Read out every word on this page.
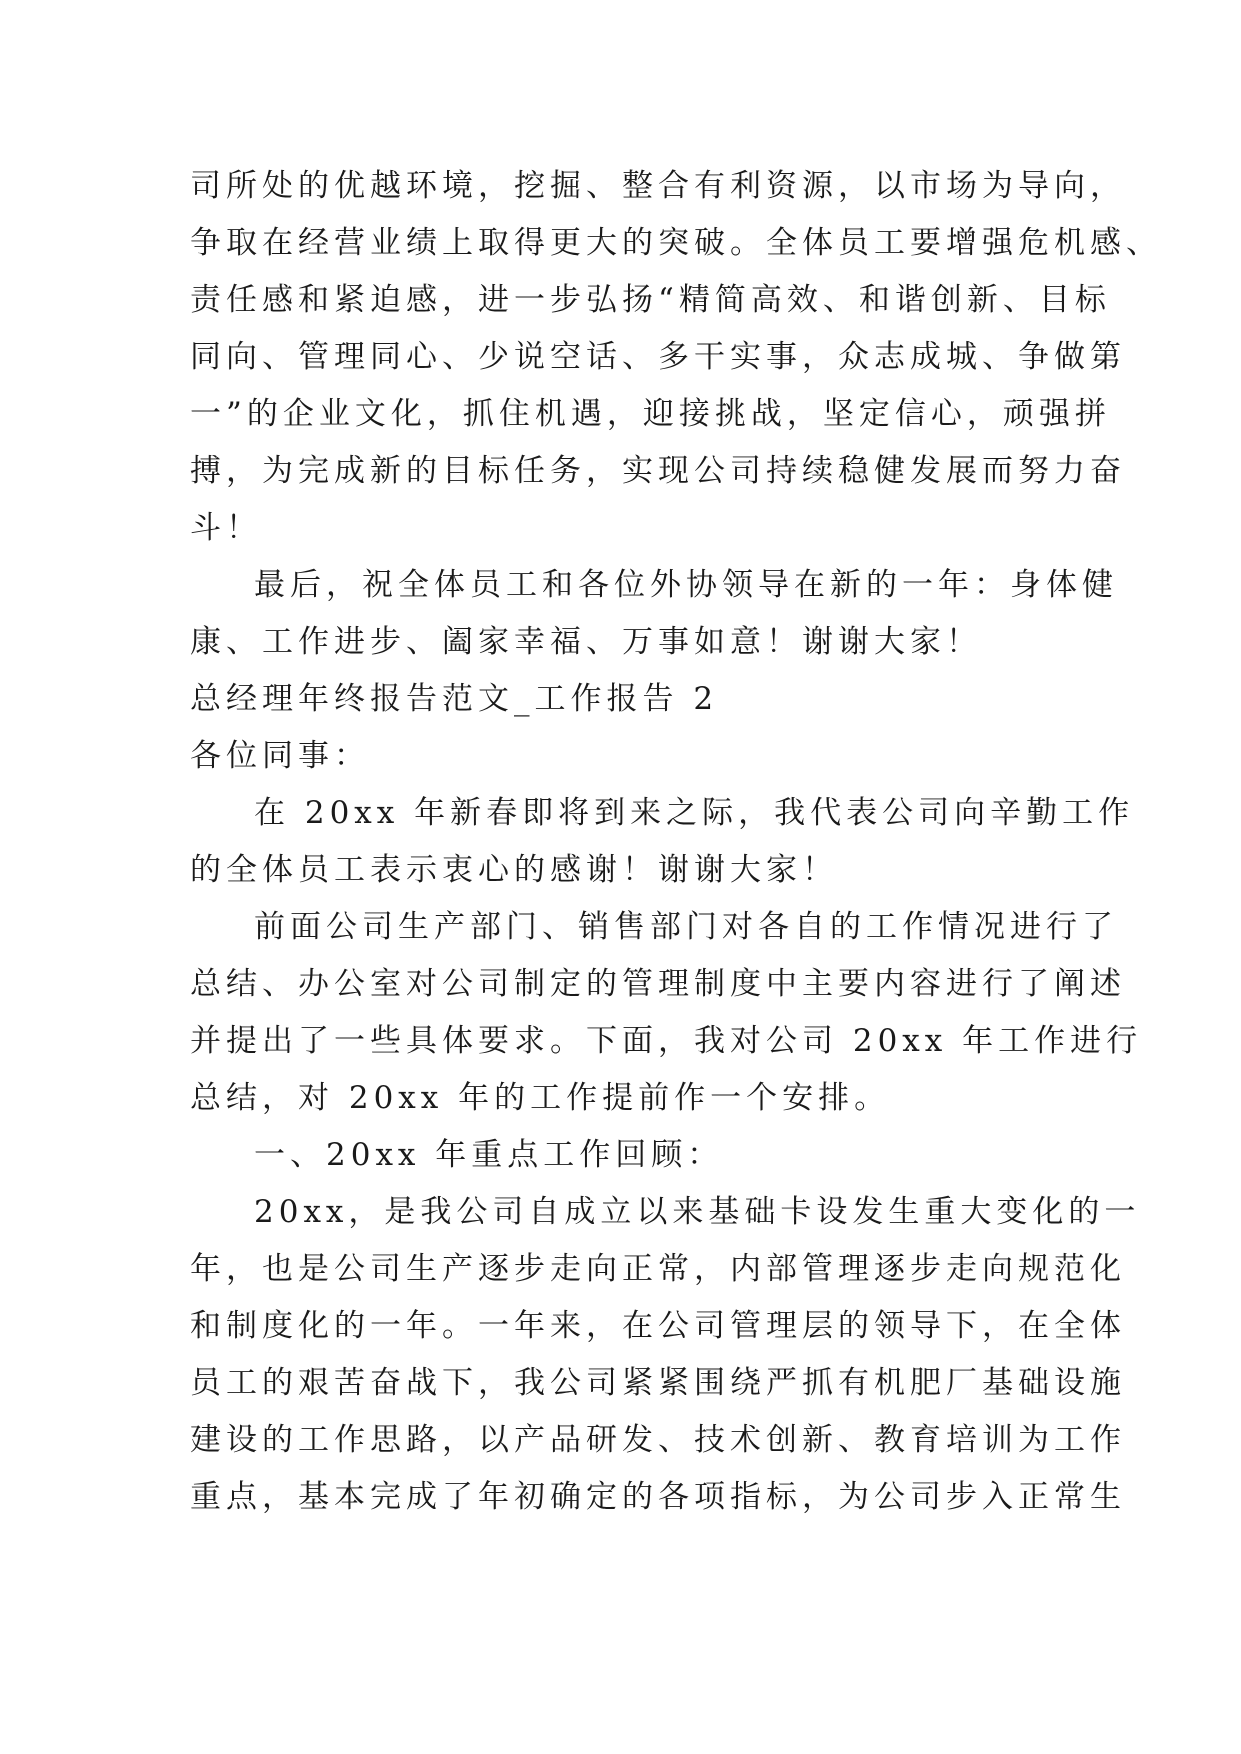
司所处的优越环境，挖掘、整合有利资源，以市场为导向，
争取在经营业绩上取得更大的突破。全体员工要增强危机感、
责任感和紧迫感，进一步弘扬“精简高效、和谐创新、目标
同向、管理同心、少说空话、多干实事，众志成城、争做第
一”的企业文化，抓住机遇，迎接挑战，坚定信心，顽强拼
搏，为完成新的目标任务，实现公司持续稳健发展而努力奋
斗！
最后，祝全体员工和各位外协领导在新的一年：身体健
康、工作进步、阖家幸福、万事如意！谢谢大家！
总经理年终报告范文_工作报告 2
各位同事：
在 20xx 年新春即将到来之际，我代表公司向辛勤工作
的全体员工表示衷心的感谢！谢谢大家！
前面公司生产部门、销售部门对各自的工作情况进行了
总结、办公室对公司制定的管理制度中主要内容进行了阐述
并提出了一些具体要求。下面，我对公司 20xx 年工作进行
总结，对 20xx 年的工作提前作一个安排。
一、20xx 年重点工作回顾：
20xx，是我公司自成立以来基础卡设发生重大变化的一
年，也是公司生产逐步走向正常，内部管理逐步走向规范化
和制度化的一年。一年来，在公司管理层的领导下，在全体
员工的艰苦奋战下，我公司紧紧围绕严抓有机肥厂基础设施
建设的工作思路，以产品研发、技术创新、教育培训为工作
重点，基本完成了年初确定的各项指标，为公司步入正常生
